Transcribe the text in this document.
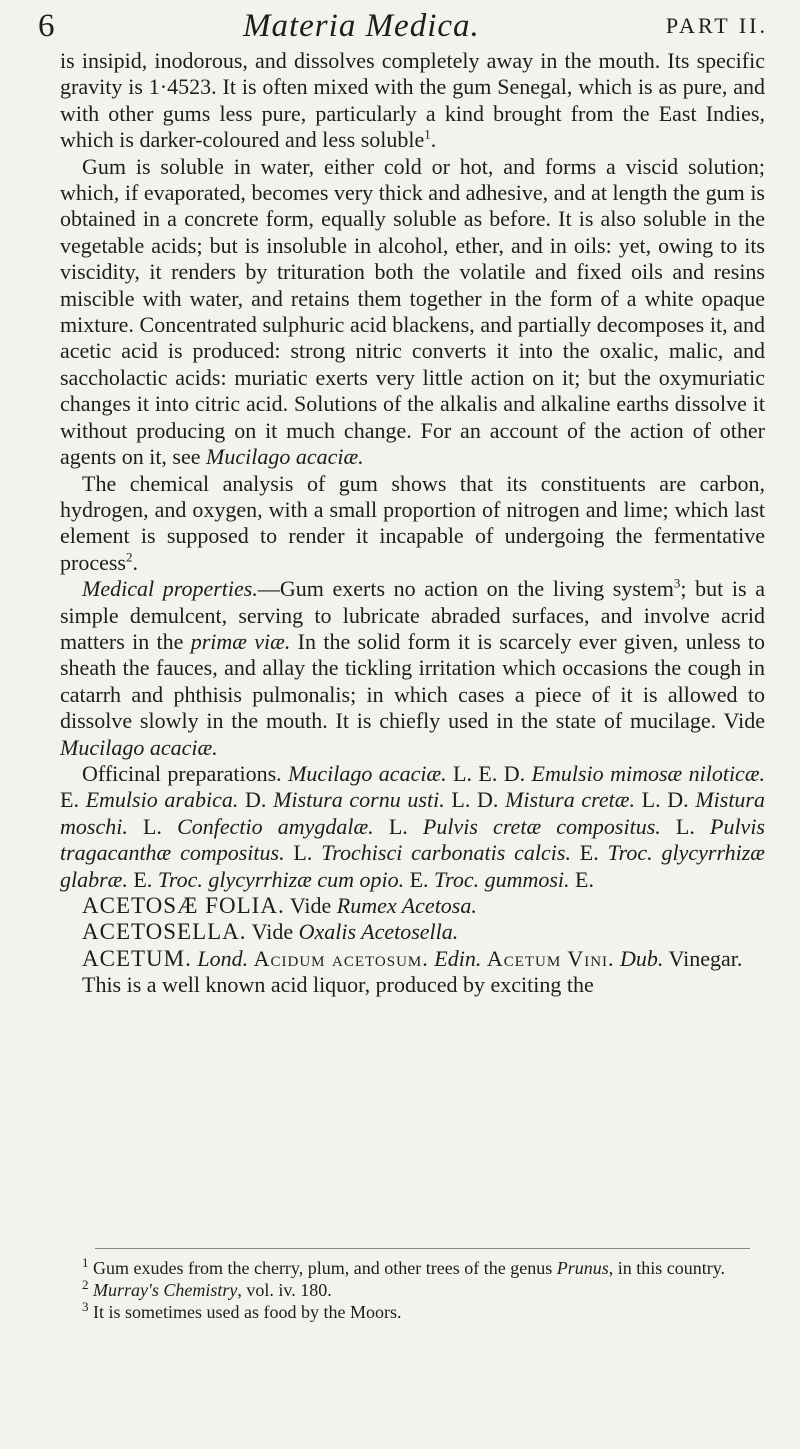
6	Materia Medica.	PART II.

is insipid, inodorous, and dissolves completely away in the mouth. Its specific gravity is 1·4523. It is often mixed with the gum Senegal, which is as pure, and with other gums less pure, particularly a kind brought from the East Indies, which is darker-coloured and less soluble$^1$.

Gum is soluble in water, either cold or hot, and forms a viscid solution; which, if evaporated, becomes very thick and adhesive, and at length the gum is obtained in a concrete form, equally soluble as before. It is also soluble in the vegetable acids; but is insoluble in alcohol, ether, and in oils: yet, owing to its viscidity, it renders by trituration both the volatile and fixed oils and resins miscible with water, and retains them together in the form of a white opaque mixture. Concentrated sulphuric acid blackens, and partially decomposes it, and acetic acid is produced: strong nitric converts it into the oxalic, malic, and saccholactic acids: muriatic exerts very little action on it; but the oxymuriatic changes it into citric acid. Solutions of the alkalis and alkaline earths dissolve it without producing on it much change. For an account of the action of other agents on it, see Mucilago acaciæ.

The chemical analysis of gum shows that its constituents are carbon, hydrogen, and oxygen, with a small proportion of nitrogen and lime; which last element is supposed to render it incapable of undergoing the fermentative process$^2$.

Medical properties.—Gum exerts no action on the living system$^3$; but is a simple demulcent, serving to lubricate abraded surfaces, and involve acrid matters in the primæ viæ. In the solid form it is scarcely ever given, unless to sheath the fauces, and allay the tickling irritation which occasions the cough in catarrh and phthisis pulmonalis; in which cases a piece of it is allowed to dissolve slowly in the mouth. It is chiefly used in the state of mucilage. Vide Mucilago acaciæ.

Officinal preparations. Mucilago acaciæ. L. E. D. Emulsio mimosæ niloticæ. E. Emulsio arabica. D. Mistura cornu usti. L. D. Mistura cretæ. L. D. Mistura moschi. L. Confectio amygdalæ. L. Pulvis cretæ compositus. L. Pulvis tragacanthæ compositus. L. Trochisci carbonatis calcis. E. Troc. glycyrrhizæ glabræ. E. Troc. glycyrrhizæ cum opio. E. Troc. gummosi. E.

ACETOSÆ FOLIA. Vide Rumex Acetosa.

ACETOSELLA. Vide Oxalis Acetosella.

ACETUM. Lond. Acidum acetosum. Edin. Acetum Vini. Dub. Vinegar.

This is a well known acid liquor, produced by exciting the

$^1$ Gum exudes from the cherry, plum, and other trees of the genus Prunus, in this country.

$^2$ Murray's Chemistry, vol. iv. 180.

$^3$ It is sometimes used as food by the Moors.
